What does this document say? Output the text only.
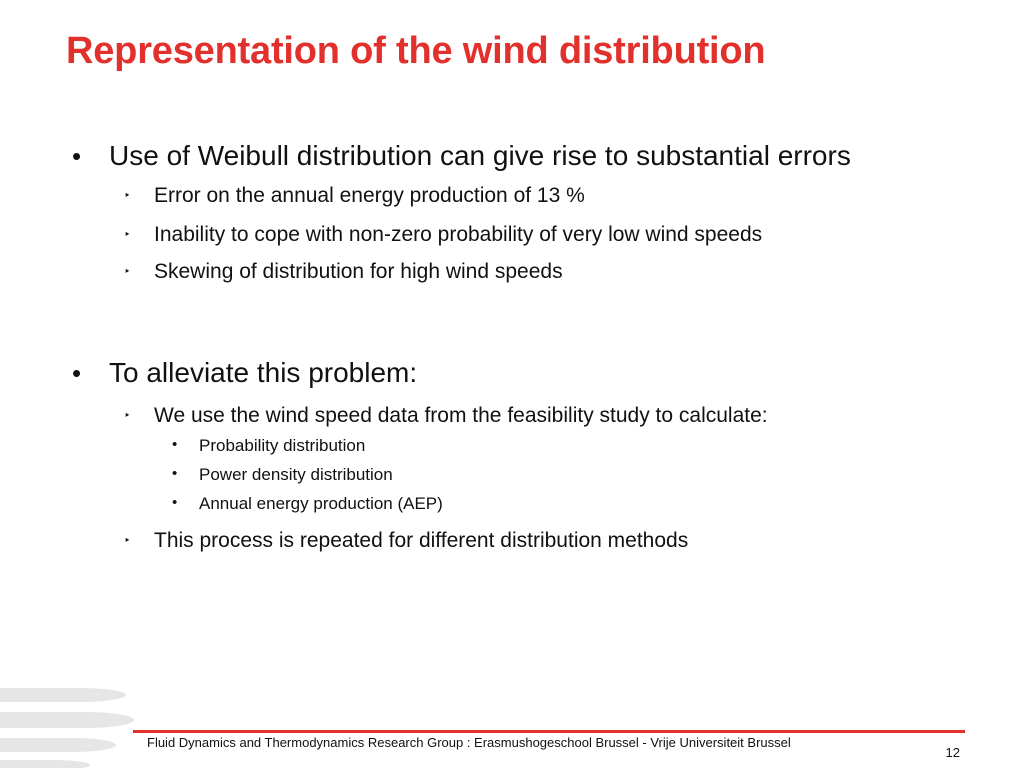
Representation of the wind distribution
• Use of Weibull distribution can give rise to substantial errors
‣ Error on the annual energy production of 13 %
‣ Inability to cope with non-zero probability of very low wind speeds
‣ Skewing of distribution for high wind speeds
• To alleviate this problem:
‣ We use the wind speed data from the feasibility study to calculate:
• Probability distribution
• Power density distribution
• Annual energy production (AEP)
‣ This process is repeated for different distribution methods
Fluid Dynamics and Thermodynamics Research Group : Erasmushogeschool Brussel - Vrije Universiteit Brussel
12
